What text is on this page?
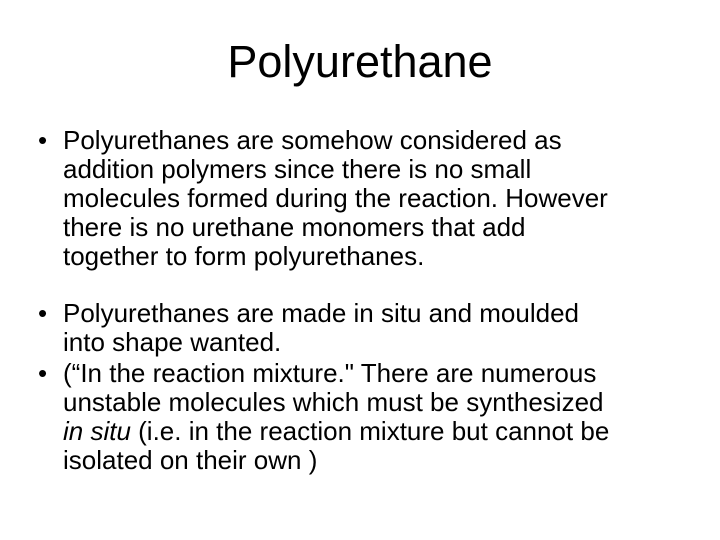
Polyurethane
• Polyurethanes are somehow considered as
addition polymers since there is no small
molecules formed during the reaction. However
there is no urethane monomers that add
together to form polyurethanes.
• Polyurethanes are made in situ and moulded
into shape wanted.
• (“In the reaction mixture." There are numerous
unstable molecules which must be synthesized
in situ (i.e. in the reaction mixture but cannot be
isolated on their own )
